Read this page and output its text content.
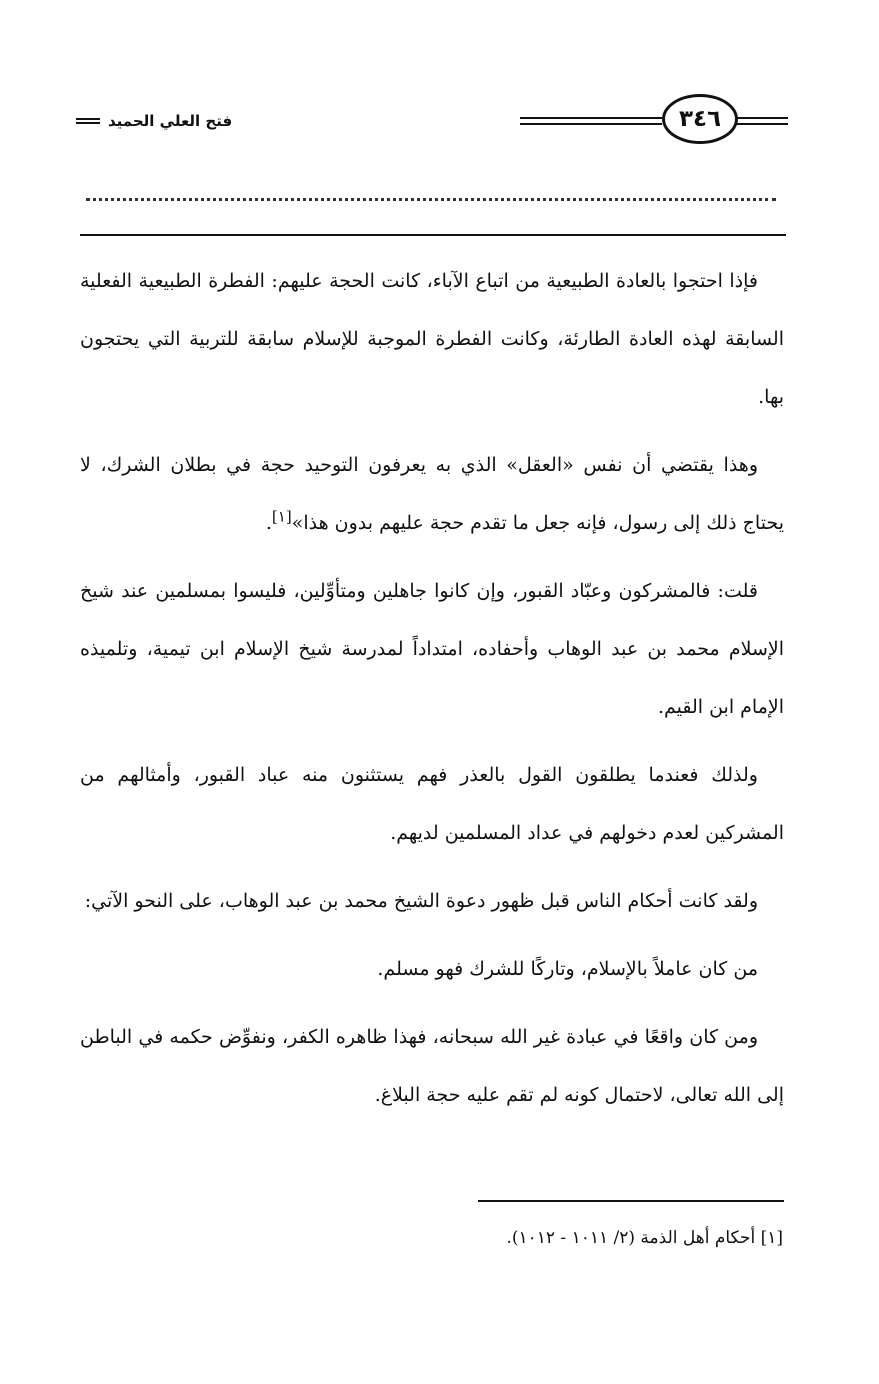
فتح العلي الحميد	٣٤٦

فإذا احتجوا بالعادة الطبيعية من اتباع الآباء، كانت الحجة عليهم: الفطرة الطبيعية الفعلية السابقة لهذه العادة الطارئة، وكانت الفطرة الموجبة للإسلام سابقة للتربية التي يحتجون بها.

وهذا يقتضي أن نفس «العقل» الذي به يعرفون التوحيد حجة في بطلان الشرك، لا يحتاج ذلك إلى رسول، فإنه جعل ما تقدم حجة عليهم بدون هذا»[١].

قلت: فالمشركون وعبّاد القبور، وإن كانوا جاهلين ومتأوِّلين، فليسوا بمسلمين عند شيخ الإسلام محمد بن عبد الوهاب وأحفاده، امتداداً لمدرسة شيخ الإسلام ابن تيمية، وتلميذه الإمام ابن القيم.

ولذلك فعندما يطلقون القول بالعذر فهم يستثنون منه عباد القبور، وأمثالهم من المشركين لعدم دخولهم في عداد المسلمين لديهم.

ولقد كانت أحكام الناس قبل ظهور دعوة الشيخ محمد بن عبد الوهاب، على النحو الآتي:

من كان عاملاً بالإسلام، وتاركًا للشرك فهو مسلم.

ومن كان واقعًا في عبادة غير الله سبحانه، فهذا ظاهره الكفر، ونفوِّض حكمه في الباطن إلى الله تعالى، لاحتمال كونه لم تقم عليه حجة البلاغ.

[١] أحكام أهل الذمة (٢/ ١٠١١ - ١٠١٢).
